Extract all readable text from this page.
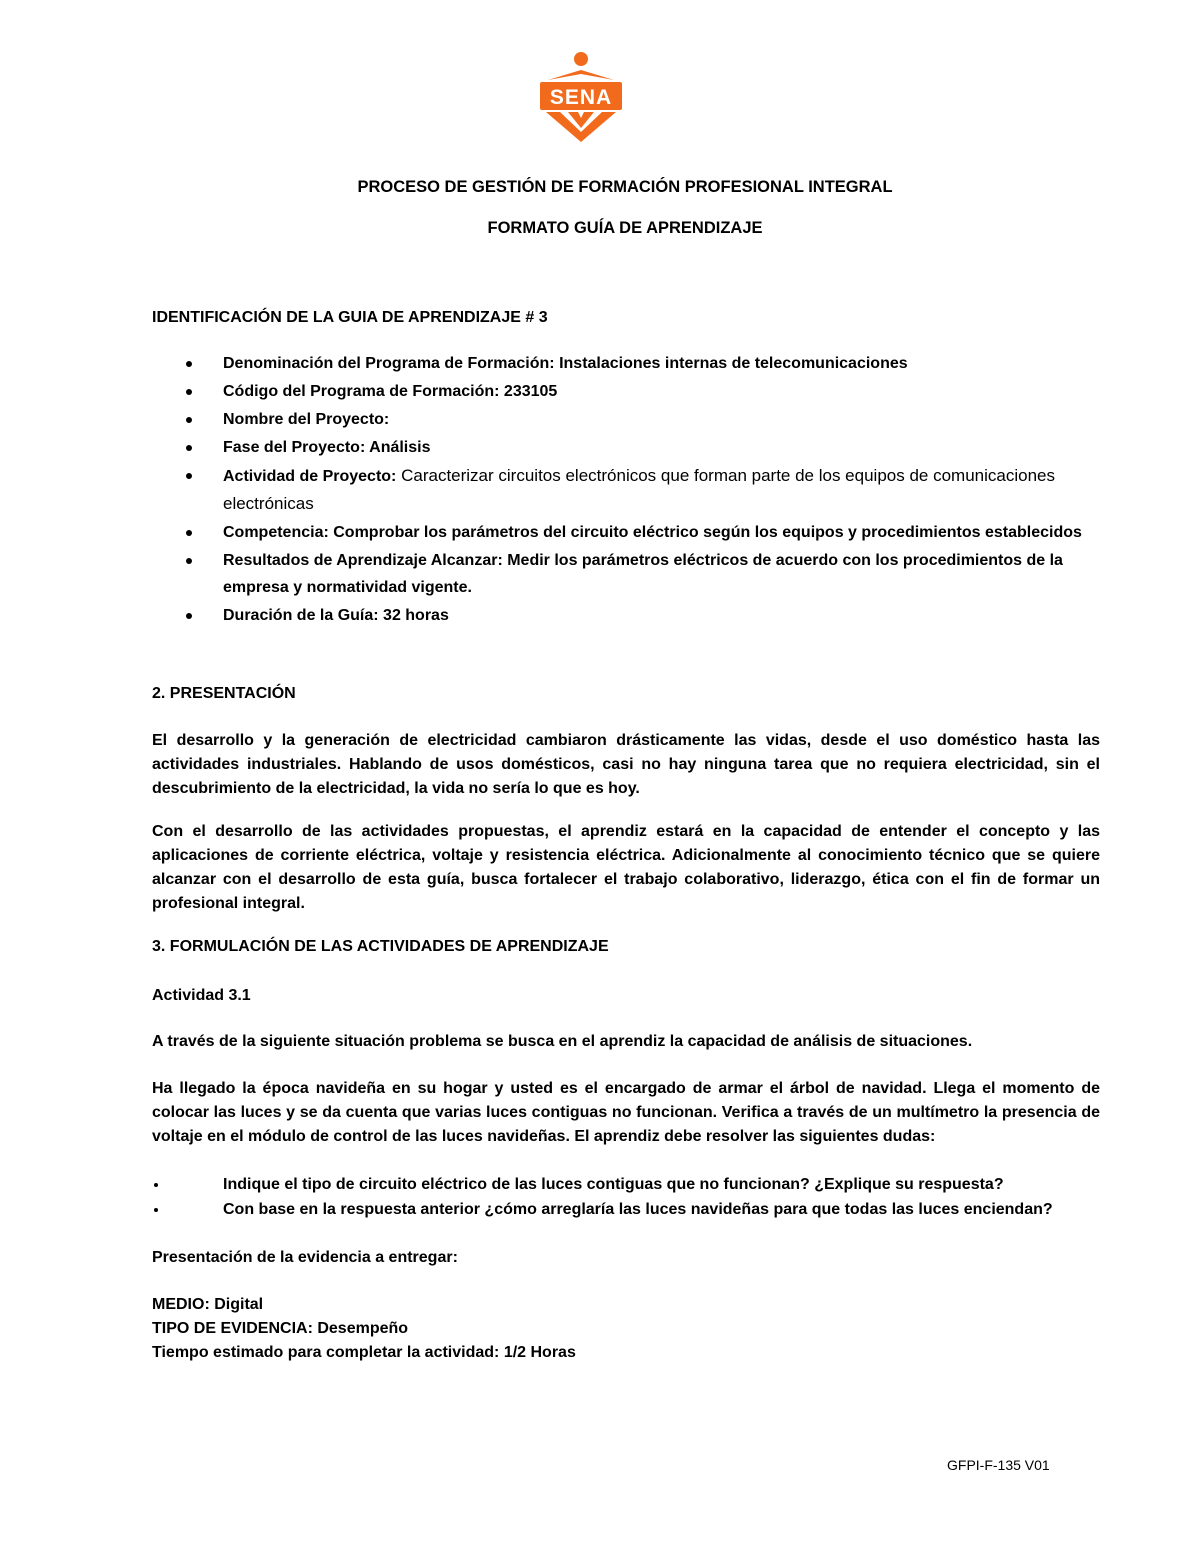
SENA
PROCESO DE GESTIÓN DE FORMACIÓN PROFESIONAL INTEGRAL
FORMATO GUÍA DE APRENDIZAJE
IDENTIFICACIÓN DE LA GUIA DE APRENDIZAJE # 3
Denominación del Programa de Formación: Instalaciones internas de telecomunicaciones
Código del Programa de Formación: 233105
Nombre del Proyecto:
Fase del Proyecto: Análisis
Actividad de Proyecto: Caracterizar circuitos electrónicos que forman parte de los equipos de comunicaciones electrónicas
Competencia: Comprobar los parámetros del circuito eléctrico según los equipos y procedimientos establecidos
Resultados de Aprendizaje Alcanzar: Medir los parámetros eléctricos de acuerdo con los procedimientos de la empresa y normatividad vigente.
Duración de la Guía: 32 horas
2. PRESENTACIÓN
El desarrollo y la generación de electricidad cambiaron drásticamente las vidas, desde el uso doméstico hasta las actividades industriales. Hablando de usos domésticos, casi no hay ninguna tarea que no requiera electricidad, sin el descubrimiento de la electricidad, la vida no sería lo que es hoy.
Con el desarrollo de las actividades propuestas, el aprendiz estará en la capacidad de entender el concepto y las aplicaciones de corriente eléctrica, voltaje y resistencia eléctrica. Adicionalmente al conocimiento técnico que se quiere alcanzar con el desarrollo de esta guía, busca fortalecer el trabajo colaborativo, liderazgo, ética con el fin de formar un profesional integral.
3. FORMULACIÓN DE LAS ACTIVIDADES DE APRENDIZAJE
Actividad 3.1
A través de la siguiente situación problema se busca en el aprendiz la capacidad de análisis de situaciones.
Ha llegado la época navideña en su hogar y usted es el encargado de armar el árbol de navidad. Llega el momento de colocar las luces y se da cuenta que varias luces contiguas no funcionan. Verifica a través de un multímetro la presencia de voltaje en el módulo de control de las luces navideñas. El aprendiz debe resolver las siguientes dudas:
Indique el tipo de circuito eléctrico de las luces contiguas que no funcionan? ¿Explique su respuesta?
Con base en la respuesta anterior ¿cómo arreglaría las luces navideñas para que todas las luces enciendan?
Presentación de la evidencia a entregar:
MEDIO: Digital
TIPO DE EVIDENCIA: Desempeño
Tiempo estimado para completar la actividad: 1/2 Horas
GFPI-F-135 V01
